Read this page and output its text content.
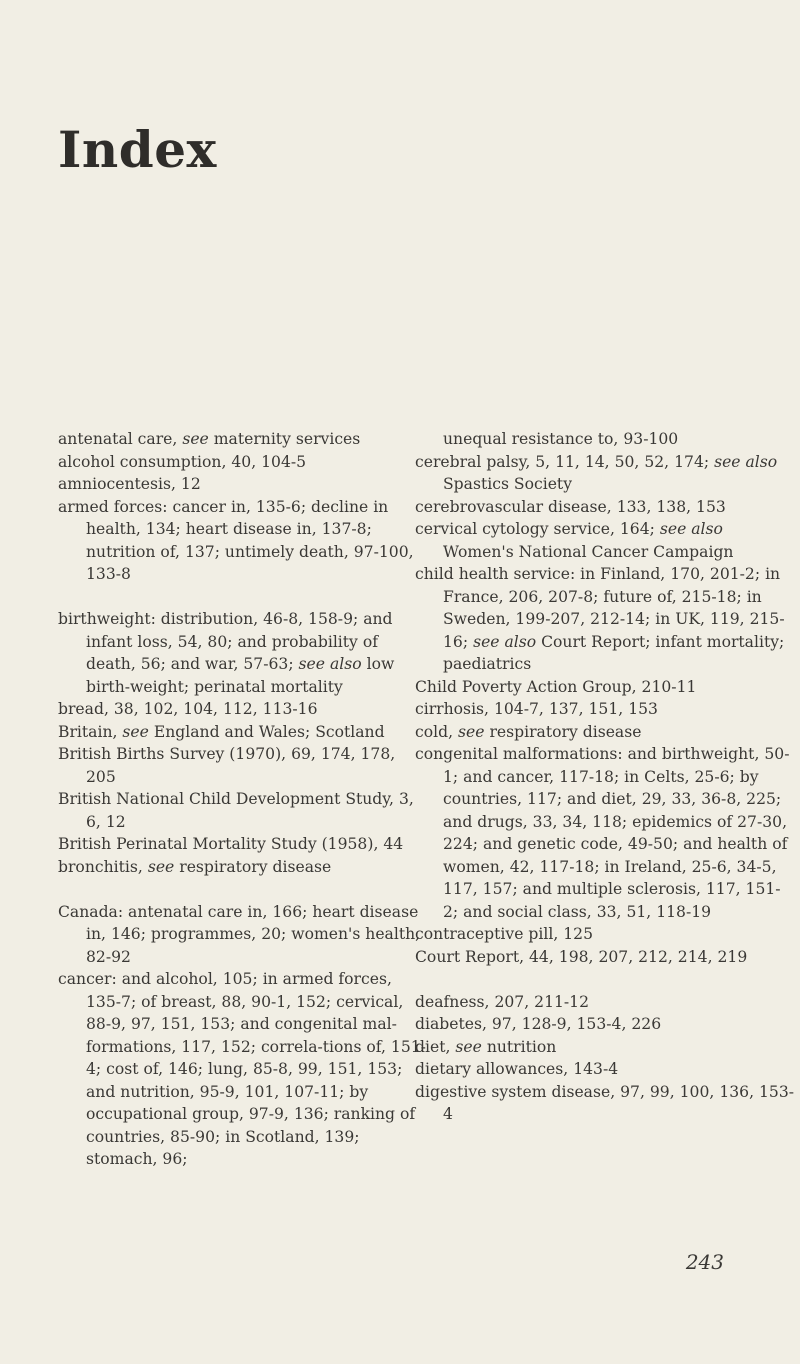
Index

antenatal care, see maternity services

alcohol consumption, 40, 104-5

amniocentesis, 12

armed forces: cancer in, 135-6; decline in health, 134; heart disease in, 137-8; nutrition of, 137; untimely death, 97-100, 133-8

birthweight: distribution, 46-8, 158-9; and infant loss, 54, 80; and probability of death, 56; and war, 57-63; see also low birth-weight; perinatal mortality

bread, 38, 102, 104, 112, 113-16

Britain, see England and Wales; Scotland

British Births Survey (1970), 69, 174, 178, 205

British National Child Development Study, 3, 6, 12

British Perinatal Mortality Study (1958), 44

bronchitis, see respiratory disease

Canada: antenatal care in, 166; heart disease in, 146; programmes, 20; women's health, 82-92

cancer: and alcohol, 105; in armed forces, 135-7; of breast, 88, 90-1, 152; cervical, 88-9, 97, 151, 153; and congenital mal-formations, 117, 152; correla-tions of, 151-4; cost of, 146; lung, 85-8, 99, 151, 153; and nutrition, 95-9, 101, 107-11; by occupational group, 97-9, 136; ranking of countries, 85-90; in Scotland, 139; stomach, 96;

unequal resistance to, 93-100

cerebral palsy, 5, 11, 14, 50, 52, 174; see also Spastics Society

cerebrovascular disease, 133, 138, 153

cervical cytology service, 164; see also Women's National Cancer Campaign

child health service: in Finland, 170, 201-2; in France, 206, 207-8; future of, 215-18; in Sweden, 199-207, 212-14; in UK, 119, 215-16; see also Court Report; infant mortality; paediatrics

Child Poverty Action Group, 210-11

cirrhosis, 104-7, 137, 151, 153

cold, see respiratory disease

congenital malformations: and birthweight, 50-1; and cancer, 117-18; in Celts, 25-6; by countries, 117; and diet, 29, 33, 36-8, 225; and drugs, 33, 34, 118; epidemics of 27-30, 224; and genetic code, 49-50; and health of women, 42, 117-18; in Ireland, 25-6, 34-5, 117, 157; and multiple sclerosis, 117, 151-2; and social class, 33, 51, 118-19

contraceptive pill, 125

Court Report, 44, 198, 207, 212, 214, 219

deafness, 207, 211-12

diabetes, 97, 128-9, 153-4, 226

diet, see nutrition

dietary allowances, 143-4

digestive system disease, 97, 99, 100, 136, 153-4

243
